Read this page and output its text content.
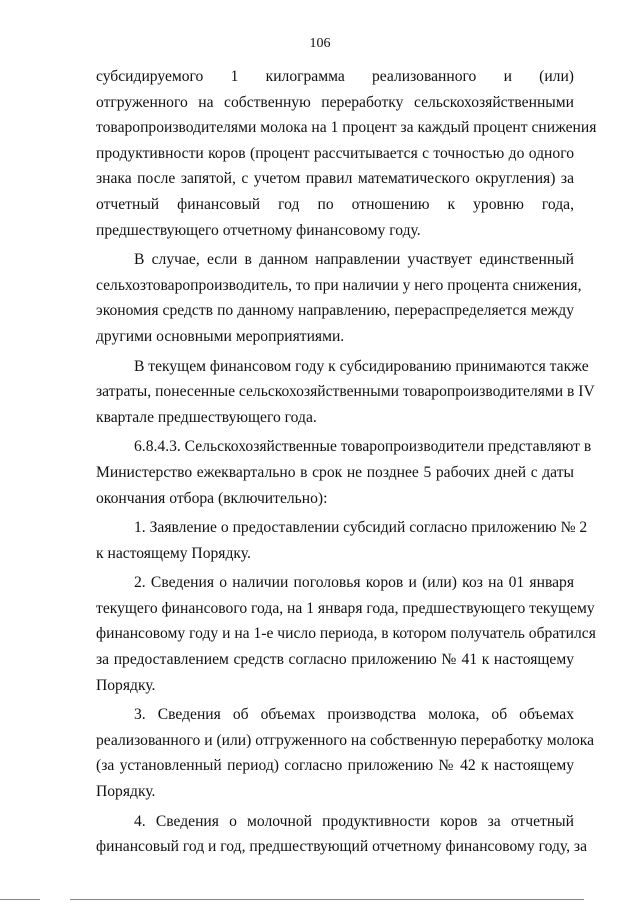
106
субсидируемого 1 килограмма реализованного и (или)
отгруженного на собственную переработку сельскохозяйственными
товаропроизводителями молока на 1 процент за каждый процент снижения
продуктивности коров (процент рассчитывается с точностью до одного
знака после запятой, с учетом правил математического округления) за
отчетный финансовый год по отношению к уровню года,
предшествующего отчетному финансовому году.
В случае, если в данном направлении участвует единственный
сельхозтоваропроизводитель, то при наличии у него процента снижения,
экономия средств по данному направлению, перераспределяется между
другими основными мероприятиями.
В текущем финансовом году к субсидированию принимаются также
затраты, понесенные сельскохозяйственными товаропроизводителями в IV
квартале предшествующего года.
6.8.4.3. Сельскохозяйственные товаропроизводители представляют в
Министерство ежеквартально в срок не позднее 5 рабочих дней с даты
окончания отбора (включительно):
1. Заявление о предоставлении субсидий согласно приложению № 2
к настоящему Порядку.
2. Сведения о наличии поголовья коров и (или) коз на 01 января
текущего финансового года, на 1 января года, предшествующего текущему
финансовому году и на 1-е число периода, в котором получатель обратился
за предоставлением средств согласно приложению № 41 к настоящему
Порядку.
3. Сведения об объемах производства молока, об объемах
реализованного и (или) отгруженного на собственную переработку молока
(за установленный период) согласно приложению № 42 к настоящему
Порядку.
4. Сведения о молочной продуктивности коров за отчетный
финансовый год и год, предшествующий отчетному финансовому году, за
